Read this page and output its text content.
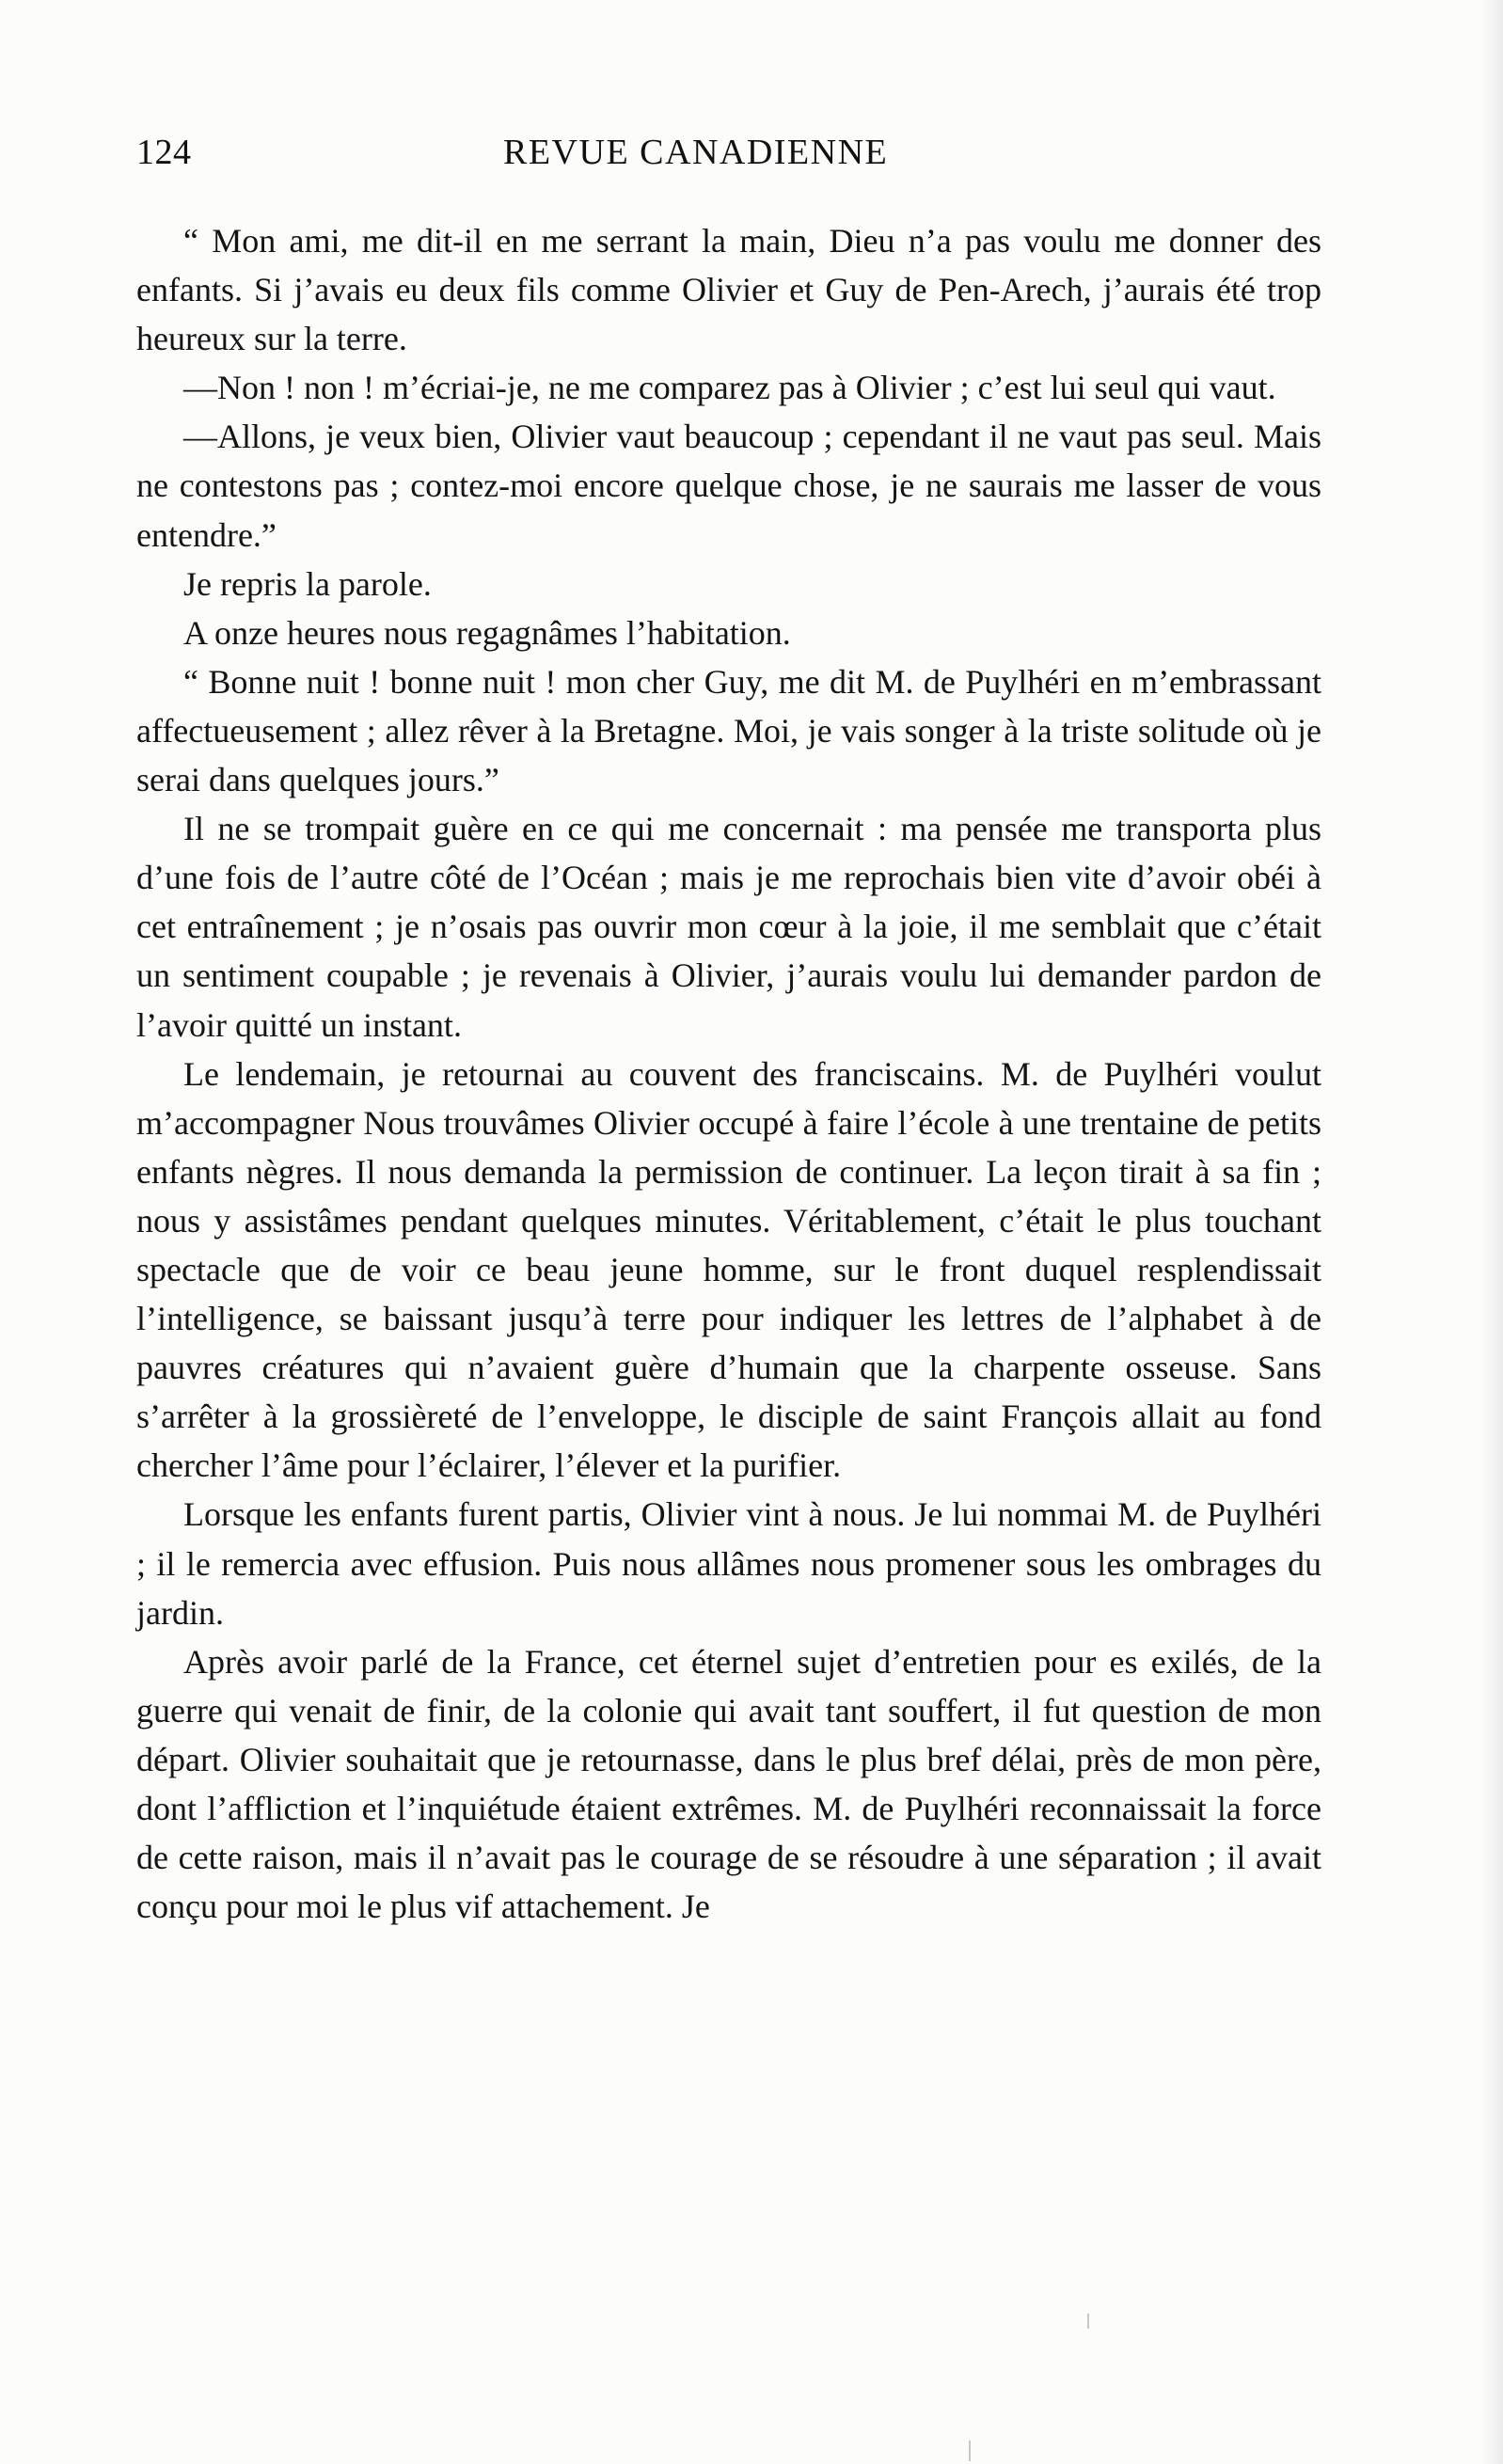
124	REVUE CANADIENNE

“ Mon ami, me dit-il en me serrant la main, Dieu n’a pas voulu me donner des enfants. Si j’avais eu deux fils comme Olivier et Guy de Pen-Arech, j’aurais été trop heureux sur la terre.

—Non ! non ! m’écriai-je, ne me comparez pas à Olivier ; c’est lui seul qui vaut.

—Allons, je veux bien, Olivier vaut beaucoup ; cependant il ne vaut pas seul. Mais ne contestons pas ; contez-moi encore quelque chose, je ne saurais me lasser de vous entendre.”

Je repris la parole.

A onze heures nous regagnâmes l’habitation.

“ Bonne nuit ! bonne nuit ! mon cher Guy, me dit M. de Puylhéri en m’embrassant affectueusement ; allez rêver à la Bretagne. Moi, je vais songer à la triste solitude où je serai dans quelques jours.”

Il ne se trompait guère en ce qui me concernait : ma pensée me transporta plus d’une fois de l’autre côté de l’Océan ; mais je me reprochais bien vite d’avoir obéi à cet entraînement ; je n’osais pas ouvrir mon cœur à la joie, il me semblait que c’était un sentiment coupable ; je revenais à Olivier, j’aurais voulu lui demander pardon de l’avoir quitté un instant.

Le lendemain, je retournai au couvent des franciscains. M. de Puylhéri voulut m’accompagner Nous trouvâmes Olivier occupé à faire l’école à une trentaine de petits enfants nègres. Il nous demanda la permission de continuer. La leçon tirait à sa fin ; nous y assistâmes pendant quelques minutes. Véritablement, c’était le plus touchant spectacle que de voir ce beau jeune homme, sur le front duquel resplendissait l’intelligence, se baissant jusqu’à terre pour indiquer les lettres de l’alphabet à de pauvres créatures qui n’avaient guère d’humain que la charpente osseuse. Sans s’arrêter à la grossièreté de l’enveloppe, le disciple de saint François allait au fond chercher l’âme pour l’éclairer, l’élever et la purifier.

Lorsque les enfants furent partis, Olivier vint à nous. Je lui nommai M. de Puylhéri ; il le remercia avec effusion. Puis nous allâmes nous promener sous les ombrages du jardin.

Après avoir parlé de la France, cet éternel sujet d’entretien pour es exilés, de la guerre qui venait de finir, de la colonie qui avait tant souffert, il fut question de mon départ. Olivier souhaitait que je retournasse, dans le plus bref délai, près de mon père, dont l’affliction et l’inquiétude étaient extrêmes. M. de Puylhéri reconnaissait la force de cette raison, mais il n’avait pas le courage de se résoudre à une séparation ; il avait conçu pour moi le plus vif attachement. Je
